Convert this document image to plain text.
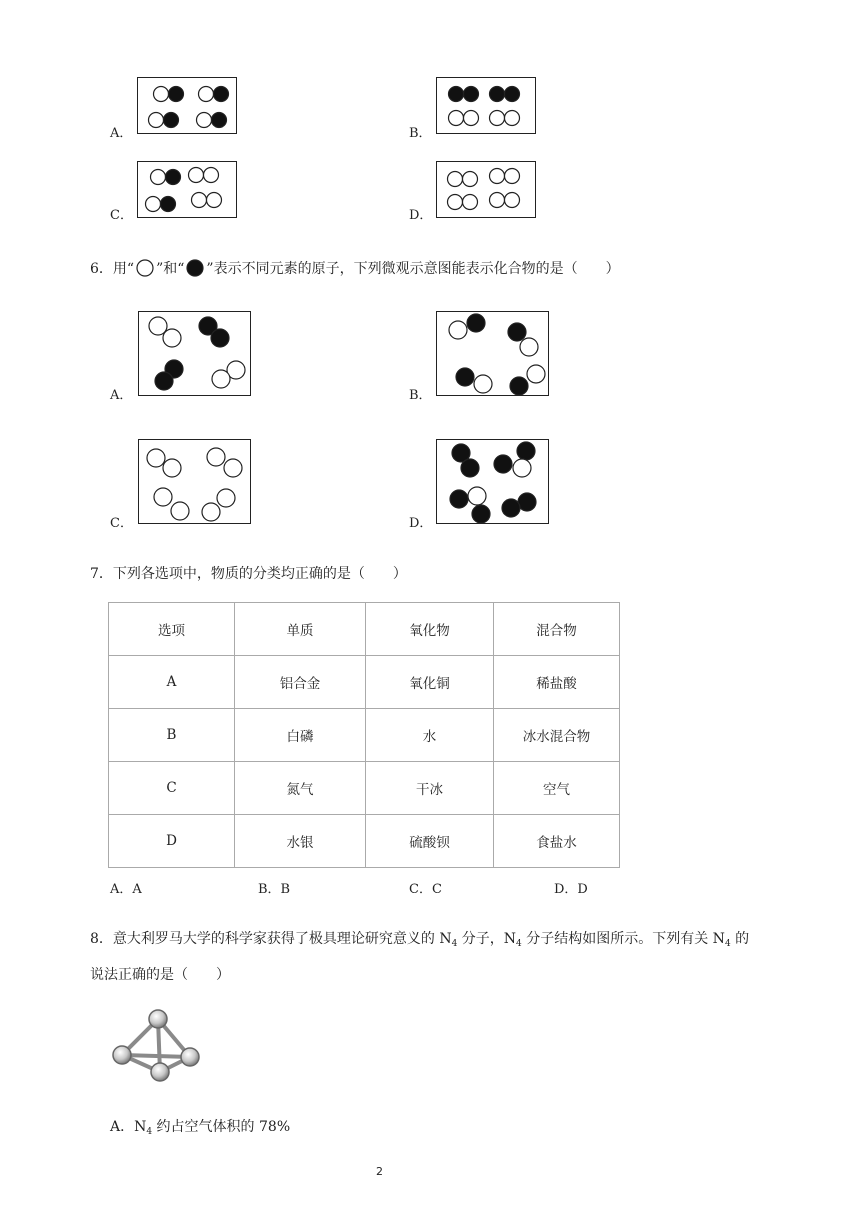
A．	B．
C．	D．
6．用“ ”和“ ”表示不同元素的原子，下列微观示意图能表示化合物的是（　　）
A．	B．
C．	D．
7．下列各选项中，物质的分类均正确的是（　　）
选项	单质	氧化物	混合物
A	铝合金	氧化铜	稀盐酸
B	白磷	水	冰水混合物
C	氮气	干冰	空气
D	水银	硫酸钡	食盐水
A．A	B．B	C．C	D．D
8．意大利罗马大学的科学家获得了极具理论研究意义的 $N_4$ 分子，$N_4$ 分子结构如图所示。下列有关 $N_4$ 的
说法正确的是（　　）
A．$N_4$ 约占空气体积的 78%
2
